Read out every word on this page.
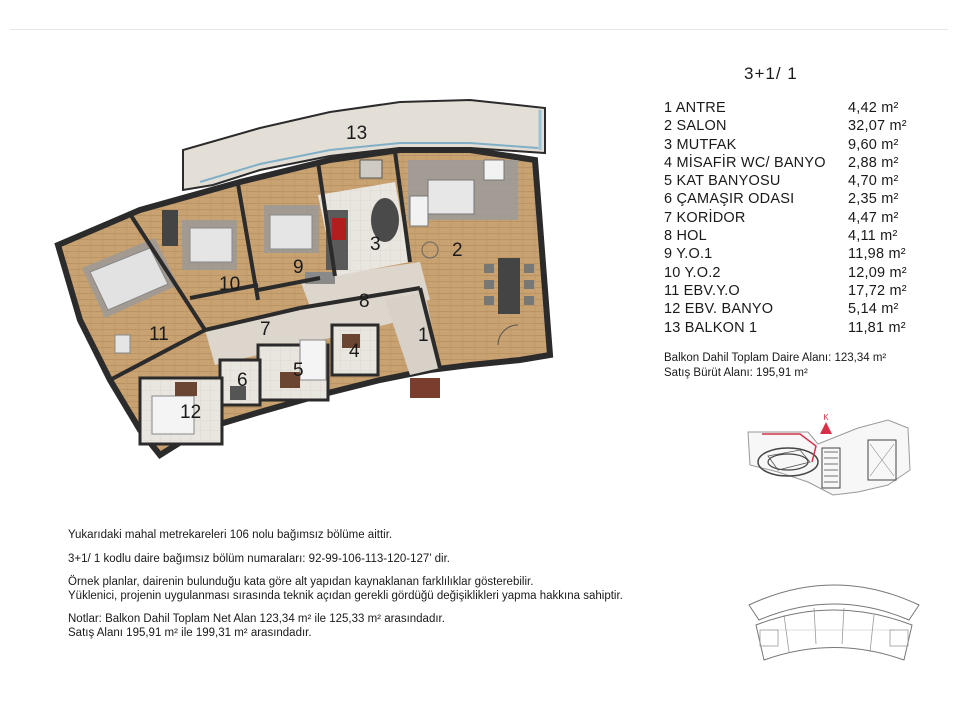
13
1
2
3
4
5
6
7
8
9
10
11
12
3+1/ 1
1 ANTRE	4,42 m²
2 SALON	32,07 m²
3 MUTFAK	9,60 m²
4 MİSAFİR WC/ BANYO 2,88 m²
5 KAT BANYOSU	4,70 m²
6 ÇAMAŞIR ODASI	2,35 m²
7 KORİDOR	4,47 m²
8 HOL	4,11 m²
9 Y.O.1	11,98 m²
10 Y.O.2	12,09 m²
11 EBV.Y.O	17,72 m²
12 EBV. BANYO	5,14 m²
13 BALKON 1	11,81 m²
Balkon Dahil Toplam Daire Alanı: 123,34 m²
Satış Bürüt Alanı: 195,91 m²
K

Yukarıdaki mahal metrekareleri 106 nolu bağımsız bölüme aittir.

3+1/ 1 kodlu daire bağımsız bölüm numaraları: 92-99-106-113-120-127’ dir.

Örnek planlar, dairenin bulunduğu kata göre alt yapıdan kaynaklanan farklılıklar gösterebilir.

Yüklenici, projenin uygulanması sırasında teknik açıdan gerekli gördüğü değişiklikleri yapma hakkına sahiptir.

Notlar: Balkon Dahil Toplam Net Alan 123,34 m² ile 125,33 m² arasındadır.

Satış Alanı 195,91 m² ile 199,31 m² arasındadır.
